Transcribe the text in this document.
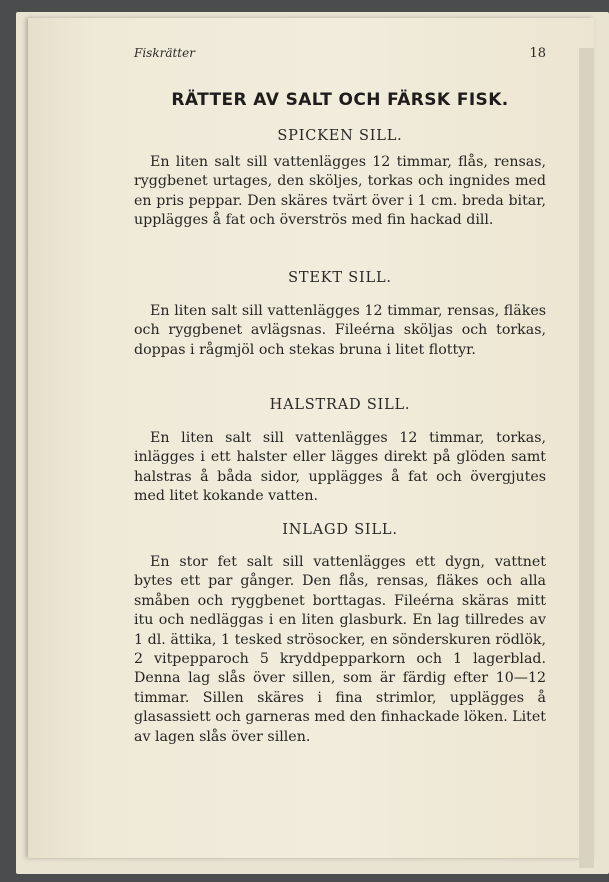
Fiskrätter	18
RÄTTER AV SALT OCH FÄRSK FISK.
SPICKEN SILL.

En liten salt sill vattenlägges 12 timmar, flås, rensas, ryggbenet urtages, den sköljes, torkas och ingnides med en pris peppar. Den skäres tvärt över i 1 cm. breda bitar, upplägges å fat och överströs med fin hackad dill.

STEKT SILL.

En liten salt sill vattenlägges 12 timmar, rensas, fläkes och ryggbenet avlägsnas. Fileérna sköljas och torkas, doppas i rågmjöl och stekas bruna i litet flottyr.

HALSTRAD SILL.

En liten salt sill vattenlägges 12 timmar, torkas, inlägges i ett halster eller lägges direkt på glöden samt halstras å båda sidor, upplägges å fat och övergjutes med litet kokande vatten.

INLAGD SILL.

En stor fet salt sill vattenlägges ett dygn, vattnet bytes ett par gånger. Den flås, rensas, fläkes och alla småben och ryggbenet borttagas. Fileérna skäras mitt itu och nedläggas i en liten glasburk. En lag tillredes av 1 dl. ättika, 1 tesked strösocker, en sönderskuren rödlök, 2 vitpepparoch 5 kryddpepparkorn och 1 lagerblad. Denna lag slås över sillen, som är färdig efter 10—12 timmar. Sillen skäres i fina strimlor, upplägges å glasassiett och garneras med den finhackade löken. Litet av lagen slås över sillen.
